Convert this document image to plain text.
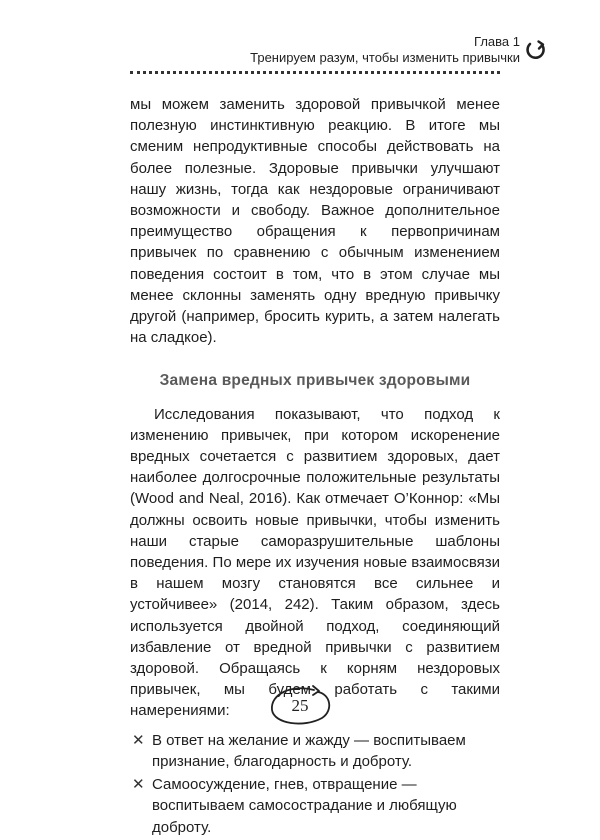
Глава 1
Тренируем разум, чтобы изменить привычки

мы можем заменить здоровой привычкой менее полезную инстинктивную реакцию. В итоге мы сменим непродуктивные способы действовать на более полезные. Здоровые привычки улучшают нашу жизнь, тогда как нездоровые ограничивают возможности и свободу. Важное дополнительное преимущество обращения к первопричинам привычек по сравнению с обычным изменением поведения состоит в том, что в этом случае мы менее склонны заменять одну вредную привычку другой (например, бросить курить, а затем налегать на сладкое).

Замена вредных привычек здоровыми

Исследования показывают, что подход к изменению привычек, при котором искоренение вредных сочетается с развитием здоровых, дает наиболее долгосрочные положительные результаты (Wood and Neal, 2016). Как отмечает О’Коннор: «Мы должны освоить новые привычки, чтобы изменить наши старые саморазрушительные шаблоны поведения. По мере их изучения новые взаимосвязи в нашем мозгу становятся все сильнее и устойчивее» (2014, 242). Таким образом, здесь используется двойной подход, соединяющий избавление от вредной привычки с развитием здоровой. Обращаясь к корням нездоровых привычек, мы будем работать с такими намерениями:

✕ В ответ на желание и жажду — воспитываем признание, благодарность и доброту.
✕ Самоосуждение, гнев, отвращение — воспитываем самосострадание и любящую доброту.
25
